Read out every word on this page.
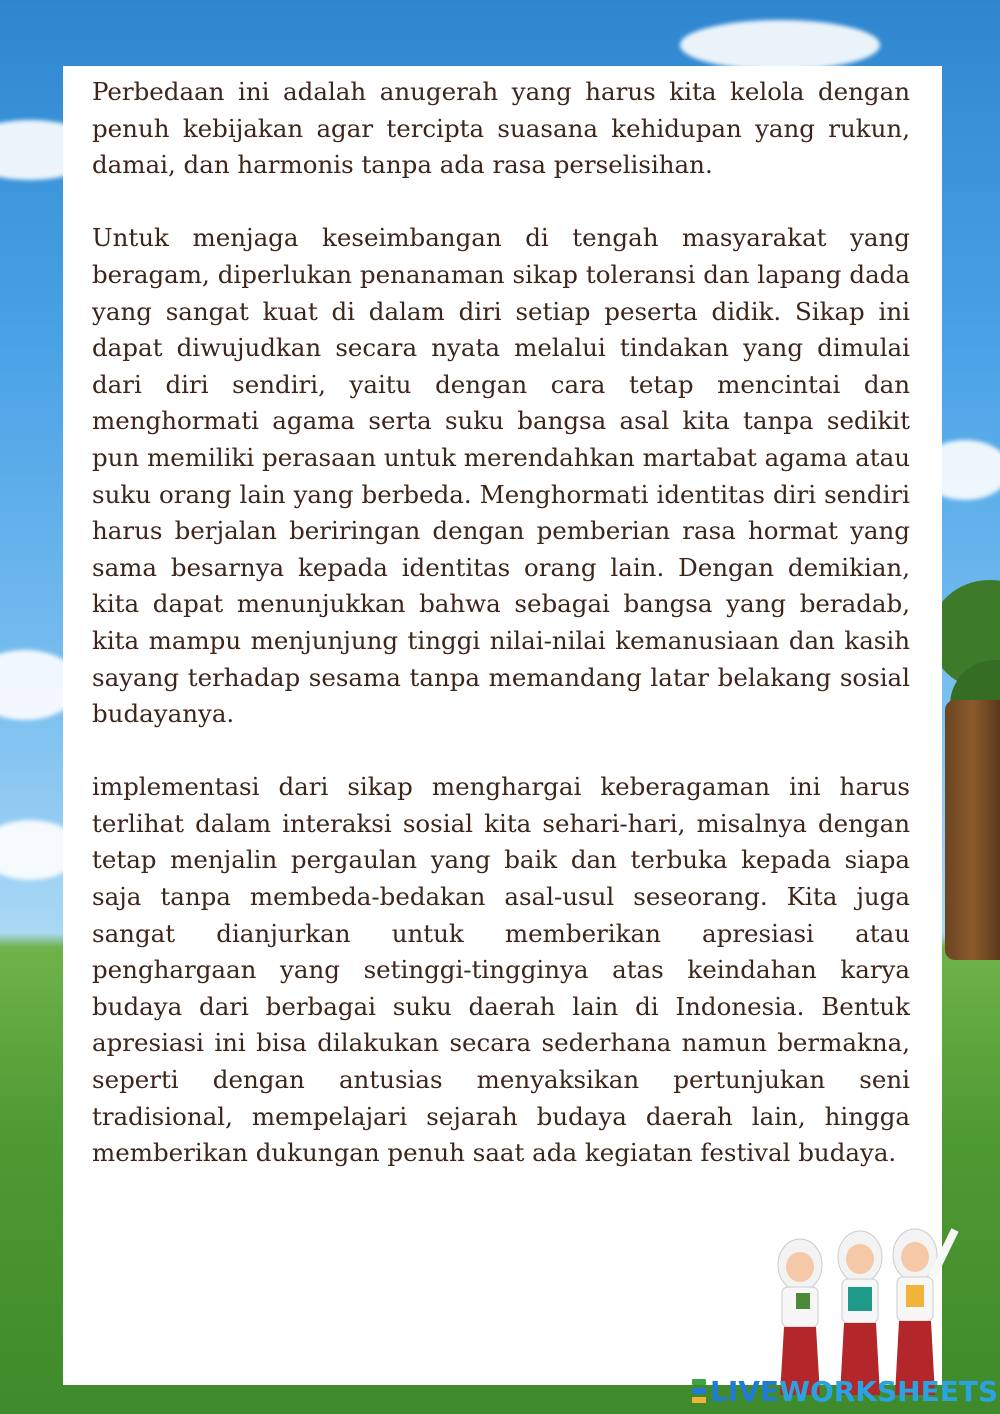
Perbedaan ini adalah anugerah yang harus kita kelola dengan penuh kebijakan agar tercipta suasana kehidupan yang rukun, damai, dan harmonis tanpa ada rasa perselisihan.

Untuk menjaga keseimbangan di tengah masyarakat yang beragam, diperlukan penanaman sikap toleransi dan lapang dada yang sangat kuat di dalam diri setiap peserta didik. Sikap ini dapat diwujudkan secara nyata melalui tindakan yang dimulai dari diri sendiri, yaitu dengan cara tetap mencintai dan menghormati agama serta suku bangsa asal kita tanpa sedikit pun memiliki perasaan untuk merendahkan martabat agama atau suku orang lain yang berbeda. Menghormati identitas diri sendiri harus berjalan beriringan dengan pemberian rasa hormat yang sama besarnya kepada identitas orang lain. Dengan demikian, kita dapat menunjukkan bahwa sebagai bangsa yang beradab, kita mampu menjunjung tinggi nilai-nilai kemanusiaan dan kasih sayang terhadap sesama tanpa memandang latar belakang sosial budayanya.

implementasi dari sikap menghargai keberagaman ini harus terlihat dalam interaksi sosial kita sehari-hari, misalnya dengan tetap menjalin pergaulan yang baik dan terbuka kepada siapa saja tanpa membeda-bedakan asal-usul seseorang. Kita juga sangat dianjurkan untuk memberikan apresiasi atau penghargaan yang setinggi-tingginya atas keindahan karya budaya dari berbagai suku daerah lain di Indonesia. Bentuk apresiasi ini bisa dilakukan secara sederhana namun bermakna, seperti dengan antusias menyaksikan pertunjukan seni tradisional, mempelajari sejarah budaya daerah lain, hingga memberikan dukungan penuh saat ada kegiatan festival budaya.

LIVE WORKSHEETS
